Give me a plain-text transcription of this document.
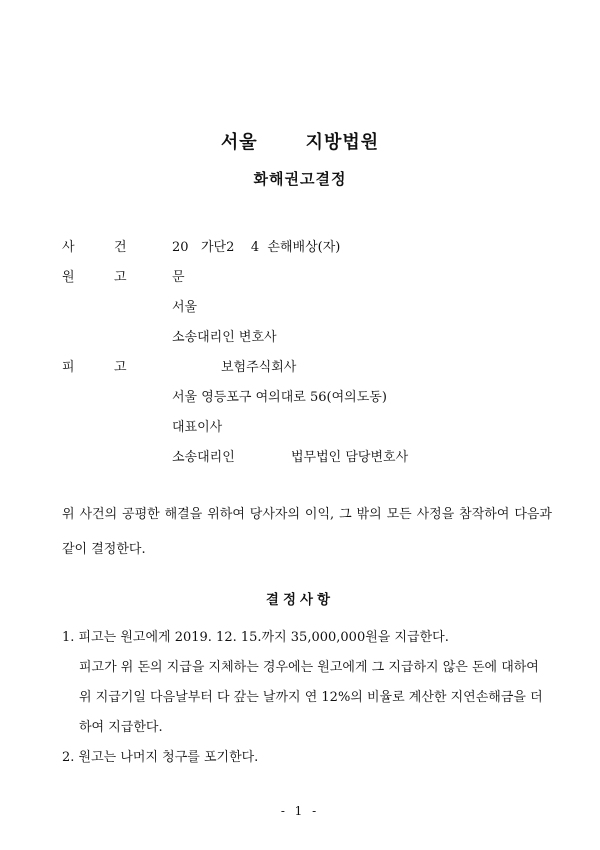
서울	지방법원
화해권고결정
사	건	20 가단2 4 손해배상(자)
원	고	문
서울
소송대리인 변호사
피	고	보험주식회사
서울 영등포구 여의대로 56(여의도동)
대표이사
소송대리인	법무법인 담당변호사
위 사건의 공평한 해결을 위하여 당사자의 이익, 그 밖의 모든 사정을 참작하여 다음과 같이 결정한다.
결정사항
1. 피고는 원고에게 2019. 12. 15.까지 35,000,000원을 지급한다.
피고가 위 돈의 지급을 지체하는 경우에는 원고에게 그 지급하지 않은 돈에 대하여
위 지급기일 다음날부터 다 갚는 날까지 연 12%의 비율로 계산한 지연손해금을 더
하여 지급한다.
2. 원고는 나머지 청구를 포기한다.
- 1 -
